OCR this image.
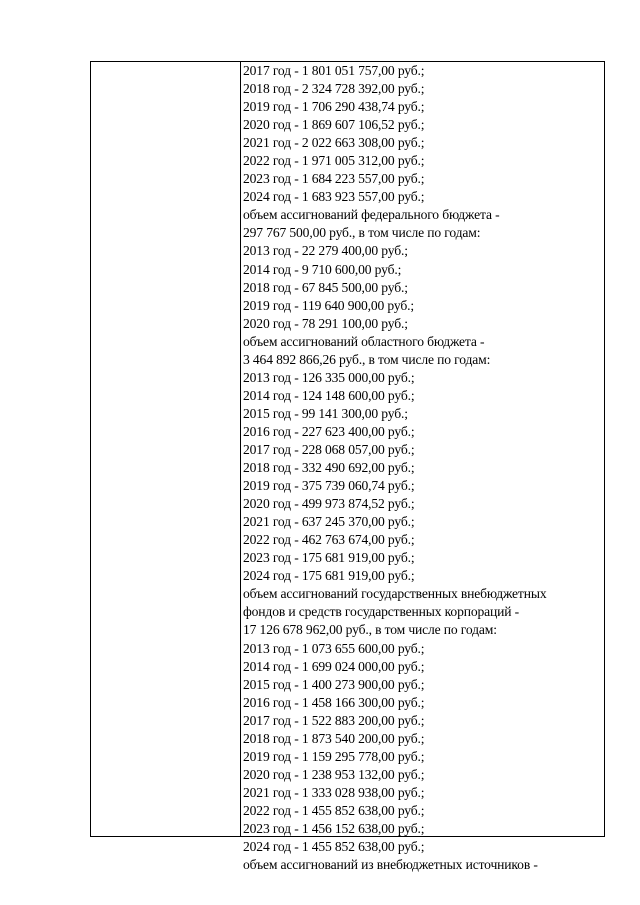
2017 год - 1 801 051 757,00 руб.;
2018 год - 2 324 728 392,00 руб.;
2019 год - 1 706 290 438,74 руб.;
2020 год - 1 869 607 106,52 руб.;
2021 год - 2 022 663 308,00 руб.;
2022 год - 1 971 005 312,00 руб.;
2023 год - 1 684 223 557,00 руб.;
2024 год - 1 683 923 557,00 руб.;
объем ассигнований федерального бюджета -
297 767 500,00 руб., в том числе по годам:
2013 год - 22 279 400,00 руб.;
2014 год - 9 710 600,00 руб.;
2018 год - 67 845 500,00 руб.;
2019 год - 119 640 900,00 руб.;
2020 год - 78 291 100,00 руб.;
объем ассигнований областного бюджета -
3 464 892 866,26 руб., в том числе по годам:
2013 год - 126 335 000,00 руб.;
2014 год - 124 148 600,00 руб.;
2015 год - 99 141 300,00 руб.;
2016 год - 227 623 400,00 руб.;
2017 год - 228 068 057,00 руб.;
2018 год - 332 490 692,00 руб.;
2019 год - 375 739 060,74 руб.;
2020 год - 499 973 874,52 руб.;
2021 год - 637 245 370,00 руб.;
2022 год - 462 763 674,00 руб.;
2023 год - 175 681 919,00 руб.;
2024 год - 175 681 919,00 руб.;
объем ассигнований государственных внебюджетных
фондов и средств государственных корпораций -
17 126 678 962,00 руб., в том числе по годам:
2013 год - 1 073 655 600,00 руб.;
2014 год - 1 699 024 000,00 руб.;
2015 год - 1 400 273 900,00 руб.;
2016 год - 1 458 166 300,00 руб.;
2017 год - 1 522 883 200,00 руб.;
2018 год - 1 873 540 200,00 руб.;
2019 год - 1 159 295 778,00 руб.;
2020 год - 1 238 953 132,00 руб.;
2021 год - 1 333 028 938,00 руб.;
2022 год - 1 455 852 638,00 руб.;
2023 год - 1 456 152 638,00 руб.;
2024 год - 1 455 852 638,00 руб.;
объем ассигнований из внебюджетных источников -
